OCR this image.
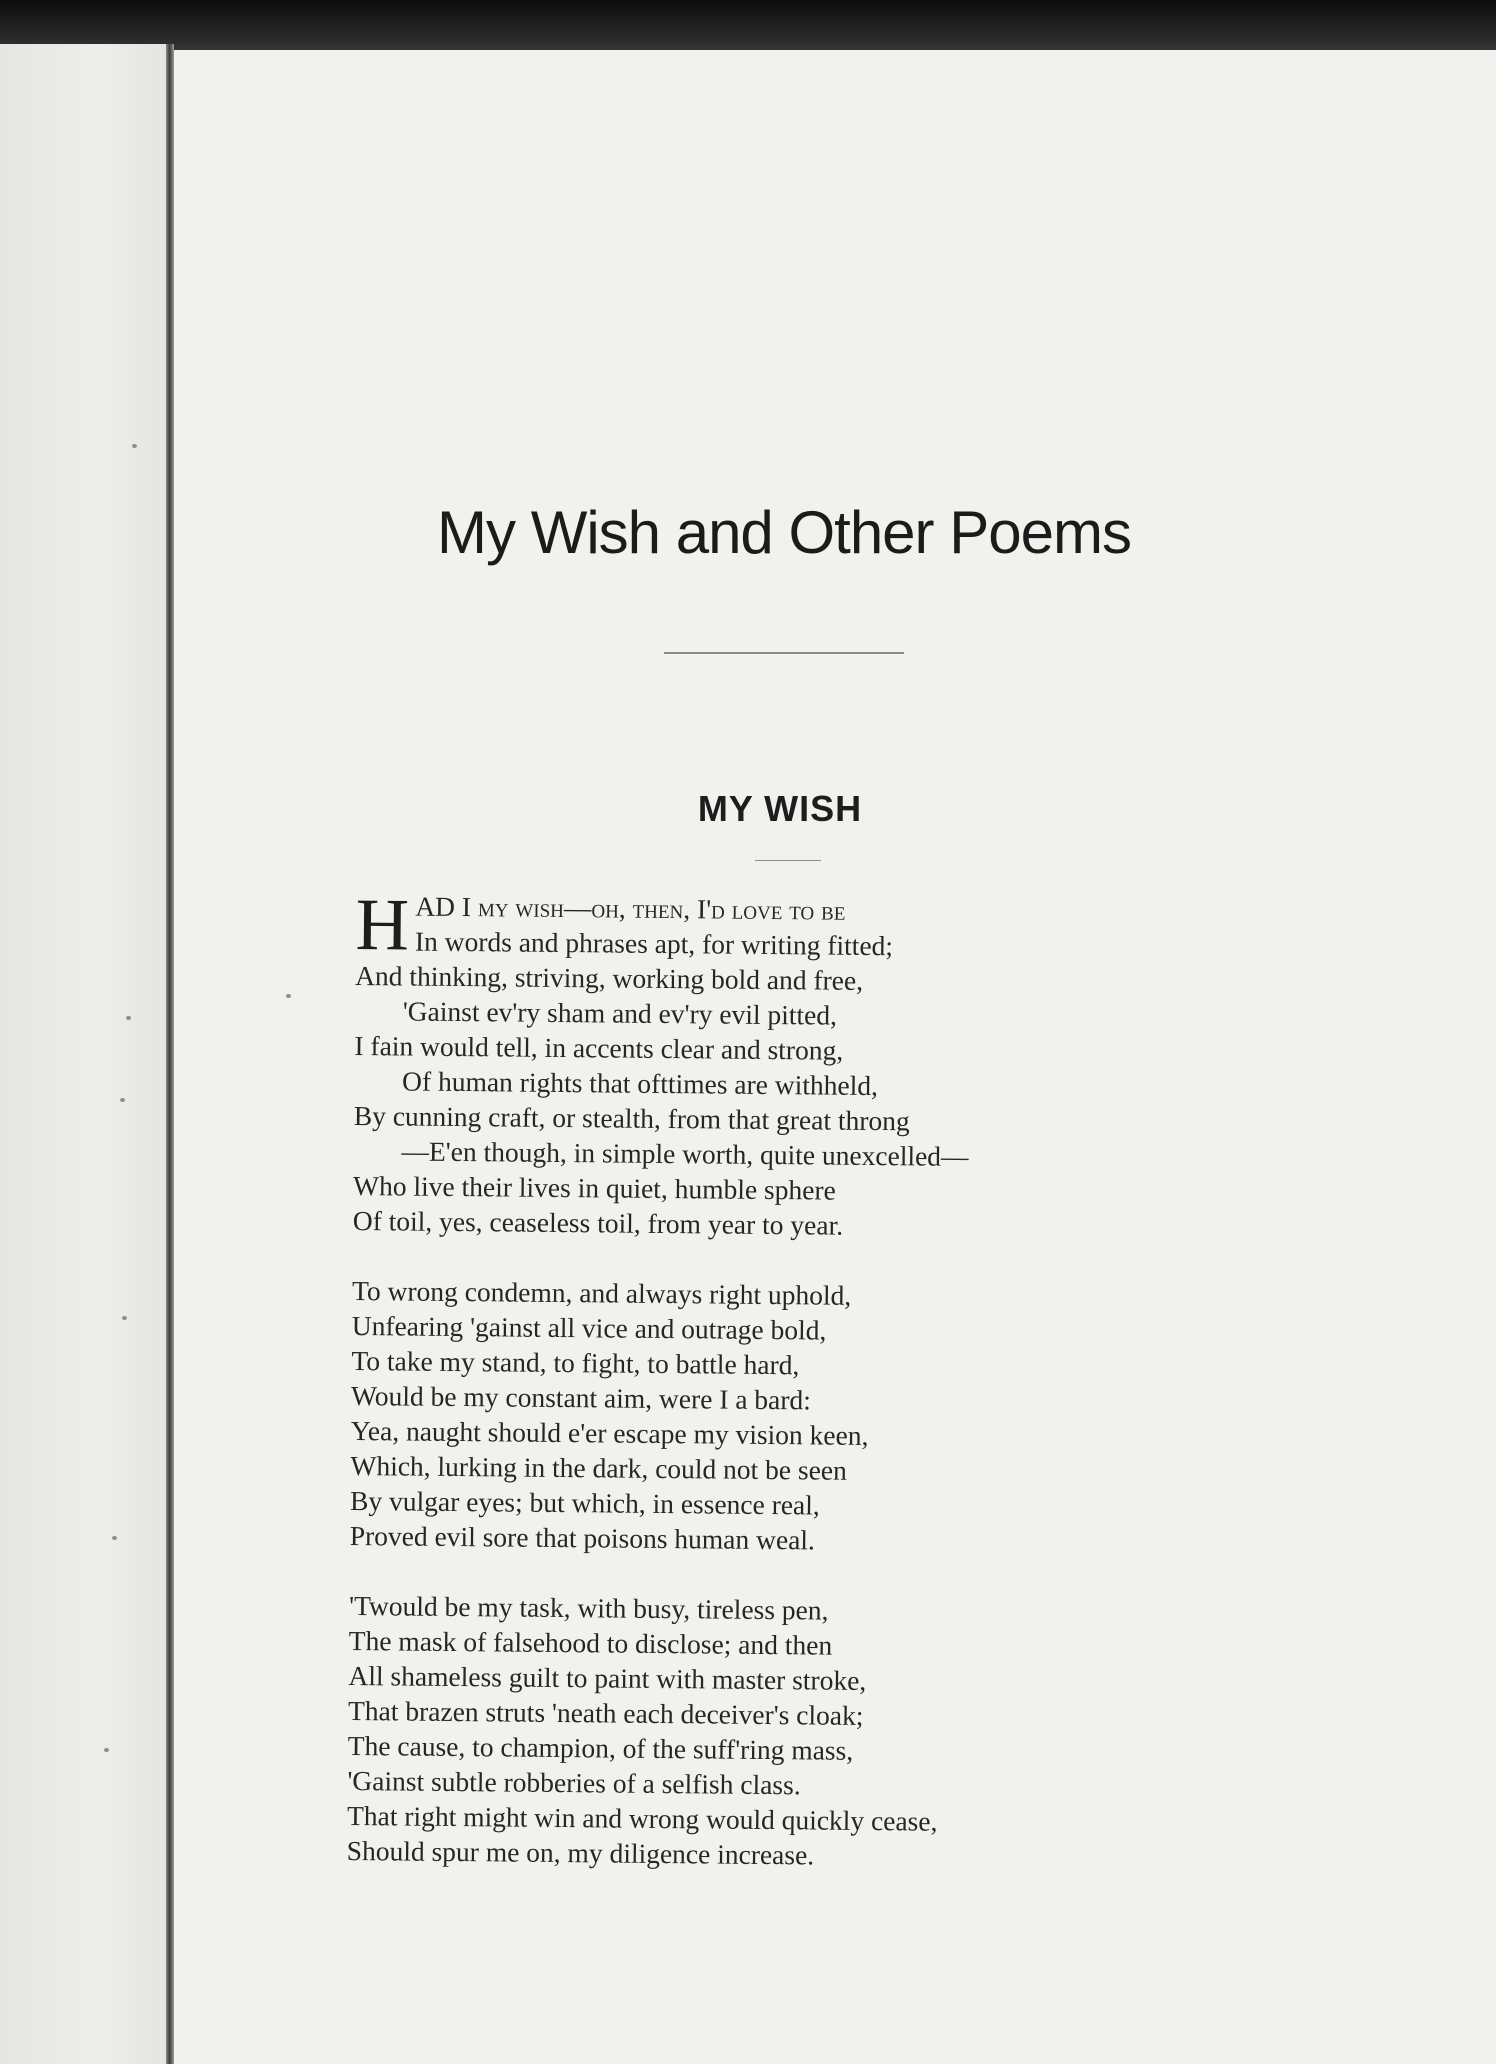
My Wish and Other Poems
MY WISH
HAD I my wish—oh, then, I'd love to be
In words and phrases apt, for writing fitted;
And thinking, striving, working bold and free,
'Gainst ev'ry sham and ev'ry evil pitted,
I fain would tell, in accents clear and strong,
Of human rights that ofttimes are withheld,
By cunning craft, or stealth, from that great throng
—E'en though, in simple worth, quite unexcelled—
Who live their lives in quiet, humble sphere
Of toil, yes, ceaseless toil, from year to year.
To wrong condemn, and always right uphold,
Unfearing 'gainst all vice and outrage bold,
To take my stand, to fight, to battle hard,
Would be my constant aim, were I a bard:
Yea, naught should e'er escape my vision keen,
Which, lurking in the dark, could not be seen
By vulgar eyes; but which, in essence real,
Proved evil sore that poisons human weal.
'Twould be my task, with busy, tireless pen,
The mask of falsehood to disclose; and then
All shameless guilt to paint with master stroke,
That brazen struts 'neath each deceiver's cloak;
The cause, to champion, of the suff'ring mass,
'Gainst subtle robberies of a selfish class.
That right might win and wrong would quickly cease,
Should spur me on, my diligence increase.
